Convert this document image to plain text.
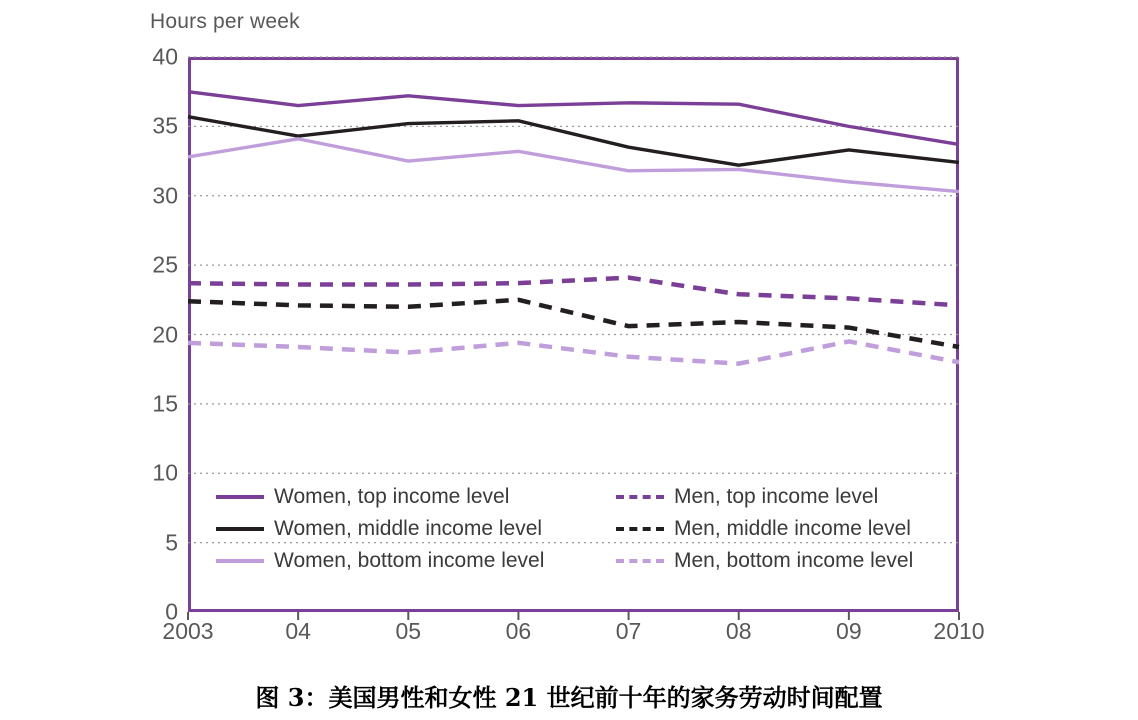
Hours per week
0
5
10
15
20
25
30
35
40
2003	04	05	06	07	08	09	2010
Women, top income level	Men, top income level
Women, middle income level	Men, middle income level
Women, bottom income level	Men, bottom income level
图 3：美国男性和女性 21 世纪前十年的家务劳动时间配置
